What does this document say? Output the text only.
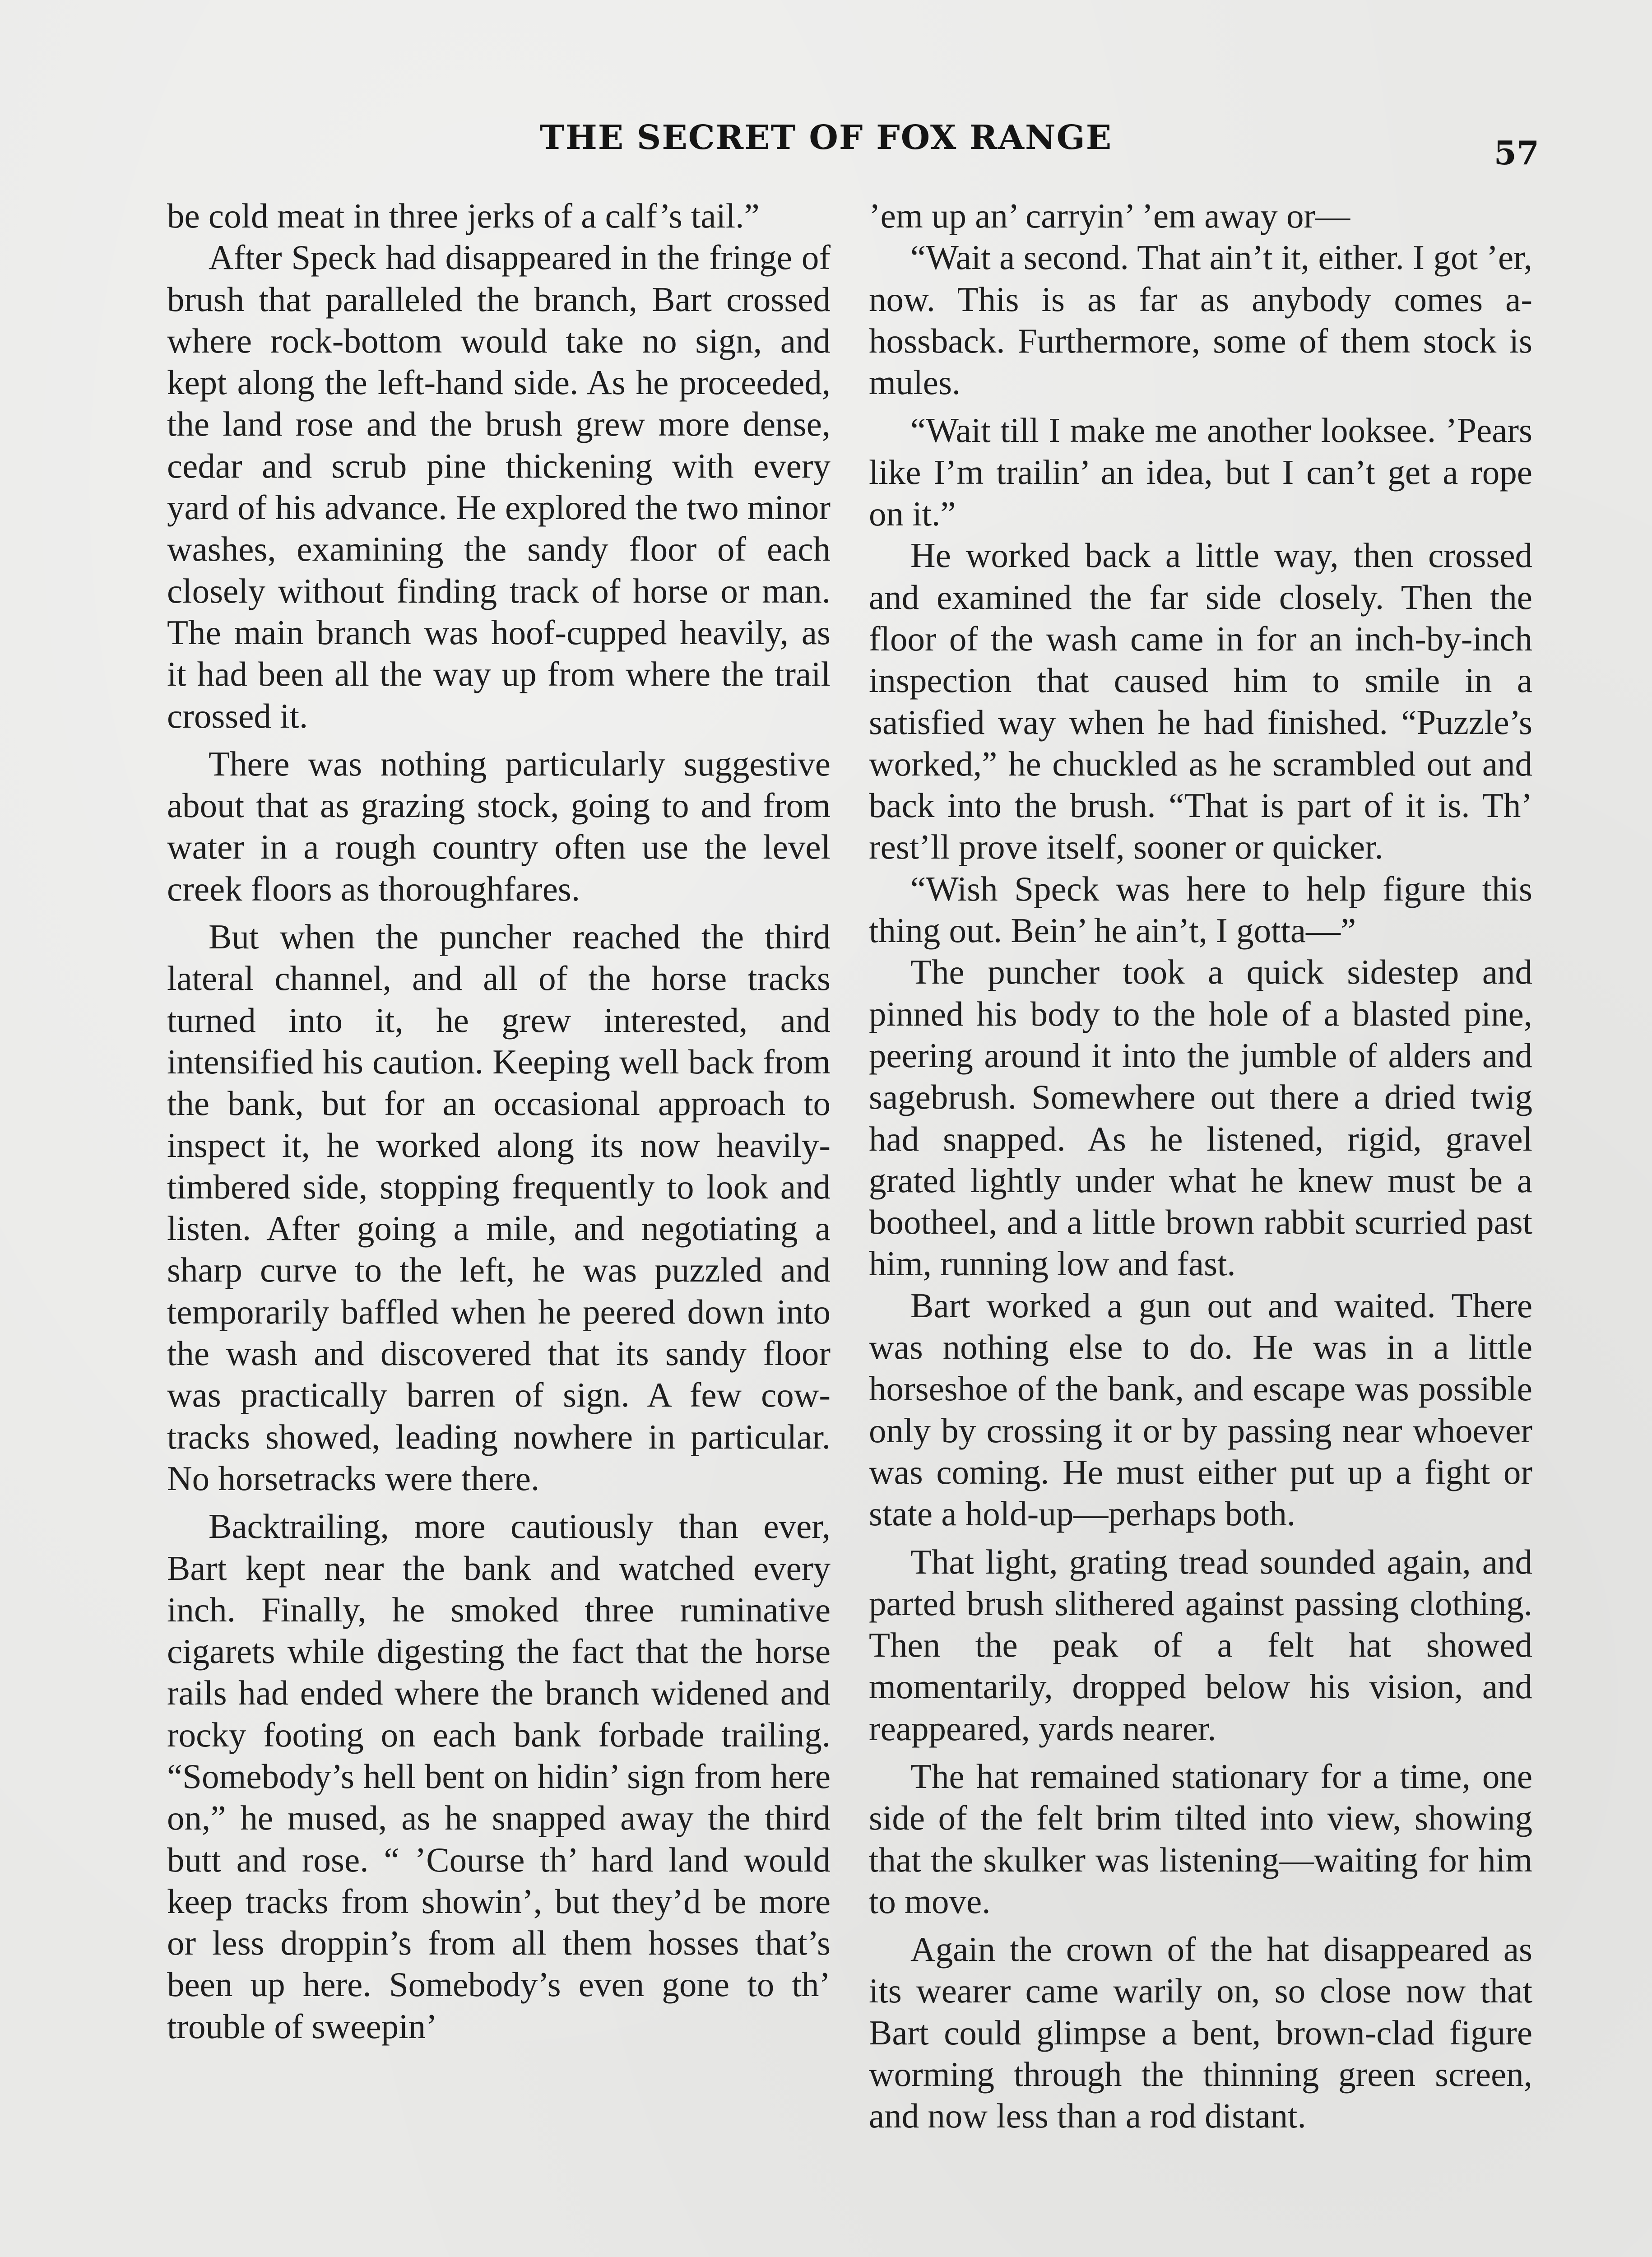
THE SECRET OF FOX RANGE	57

be cold meat in three jerks of a calf’s tail.”

After Speck had disappeared in the fringe of brush that paralleled the branch, Bart crossed where rock-bottom would take no sign, and kept along the left-hand side. As he proceeded, the land rose and the brush grew more dense, cedar and scrub pine thickening with every yard of his advance. He explored the two minor washes, examining the sandy floor of each closely without finding track of horse or man. The main branch was hoof-cupped heavily, as it had been all the way up from where the trail crossed it.

There was nothing particularly suggestive about that as grazing stock, going to and from water in a rough country often use the level creek floors as thoroughfares.

But when the puncher reached the third lateral channel, and all of the horse tracks turned into it, he grew interested, and intensified his caution. Keeping well back from the bank, but for an occasional approach to inspect it, he worked along its now heavily-timbered side, stopping frequently to look and listen. After going a mile, and negotiating a sharp curve to the left, he was puzzled and temporarily baffled when he peered down into the wash and discovered that its sandy floor was practically barren of sign. A few cow-tracks showed, leading nowhere in particular. No horsetracks were there.

Backtrailing, more cautiously than ever, Bart kept near the bank and watched every inch. Finally, he smoked three ruminative cigarets while digesting the fact that the horse rails had ended where the branch widened and rocky footing on each bank forbade trailing. “Somebody’s hell bent on hidin’ sign from here on,” he mused, as he snapped away the third butt and rose. “ ’Course th’ hard land would keep tracks from showin’, but they’d be more or less droppin’s from all them hosses that’s been up here. Somebody’s even gone to th’ trouble of sweepin’

’em up an’ carryin’ ’em away or—

“Wait a second. That ain’t it, either. I got ’er, now. This is as far as anybody comes a-hossback. Furthermore, some of them stock is mules.

“Wait till I make me another looksee. ’Pears like I’m trailin’ an idea, but I can’t get a rope on it.”

He worked back a little way, then crossed and examined the far side closely. Then the floor of the wash came in for an inch-by-inch inspection that caused him to smile in a satisfied way when he had finished. “Puzzle’s worked,” he chuckled as he scrambled out and back into the brush. “That is part of it is. Th’ rest’ll prove itself, sooner or quicker.

“Wish Speck was here to help figure this thing out. Bein’ he ain’t, I gotta—”

The puncher took a quick sidestep and pinned his body to the hole of a blasted pine, peering around it into the jumble of alders and sagebrush. Somewhere out there a dried twig had snapped. As he listened, rigid, gravel grated lightly under what he knew must be a bootheel, and a little brown rabbit scurried past him, running low and fast.

Bart worked a gun out and waited. There was nothing else to do. He was in a little horseshoe of the bank, and escape was possible only by crossing it or by passing near whoever was coming. He must either put up a fight or state a hold-up—perhaps both.

That light, grating tread sounded again, and parted brush slithered against passing clothing. Then the peak of a felt hat showed momentarily, dropped below his vision, and reappeared, yards nearer.

The hat remained stationary for a time, one side of the felt brim tilted into view, showing that the skulker was listening—waiting for him to move.

Again the crown of the hat disappeared as its wearer came warily on, so close now that Bart could glimpse a bent, brown-clad figure worming through the thinning green screen, and now less than a rod distant.
